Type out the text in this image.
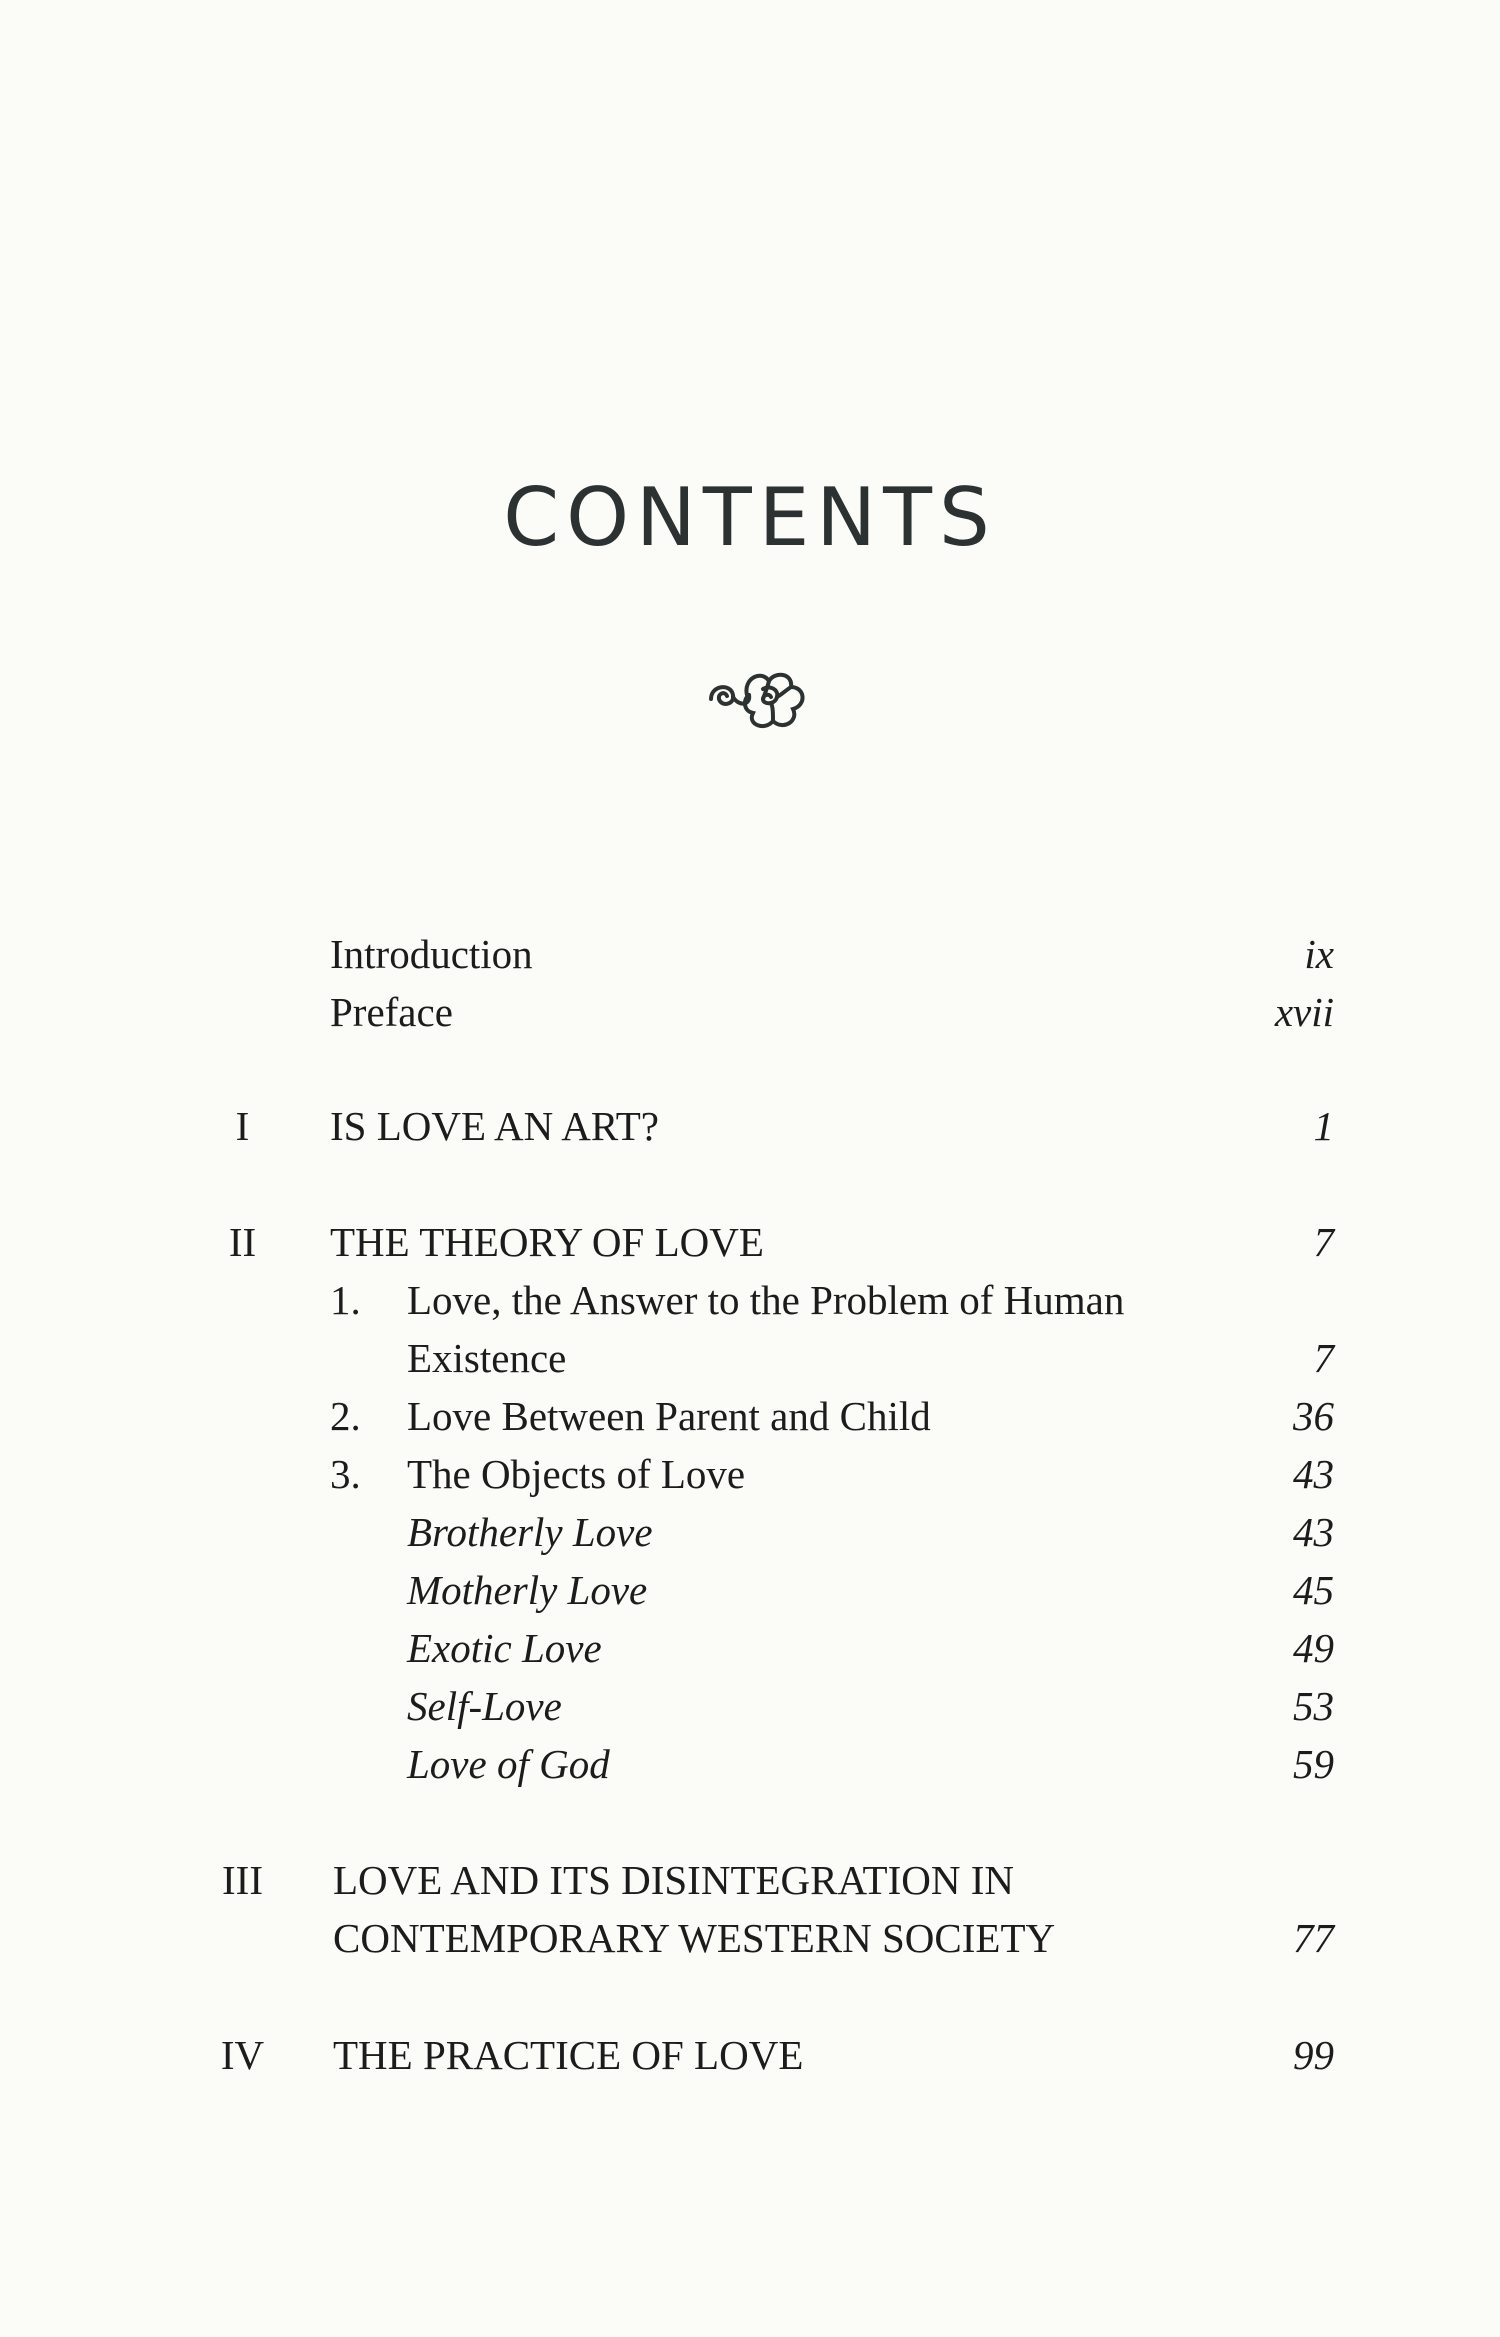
CONTENTS
Introduction	ix
Preface	xvii
I	IS LOVE AN ART?	1
II	THE THEORY OF LOVE	7
1.	Love, the Answer to the Problem of Human
Existence	7
2.	Love Between Parent and Child	36
3.	The Objects of Love	43
Brotherly Love	43
Motherly Love	45
Exotic Love	49
Self-Love	53
Love of God	59
III	LOVE AND ITS DISINTEGRATION IN
CONTEMPORARY WESTERN SOCIETY	77
IV	THE PRACTICE OF LOVE	99
